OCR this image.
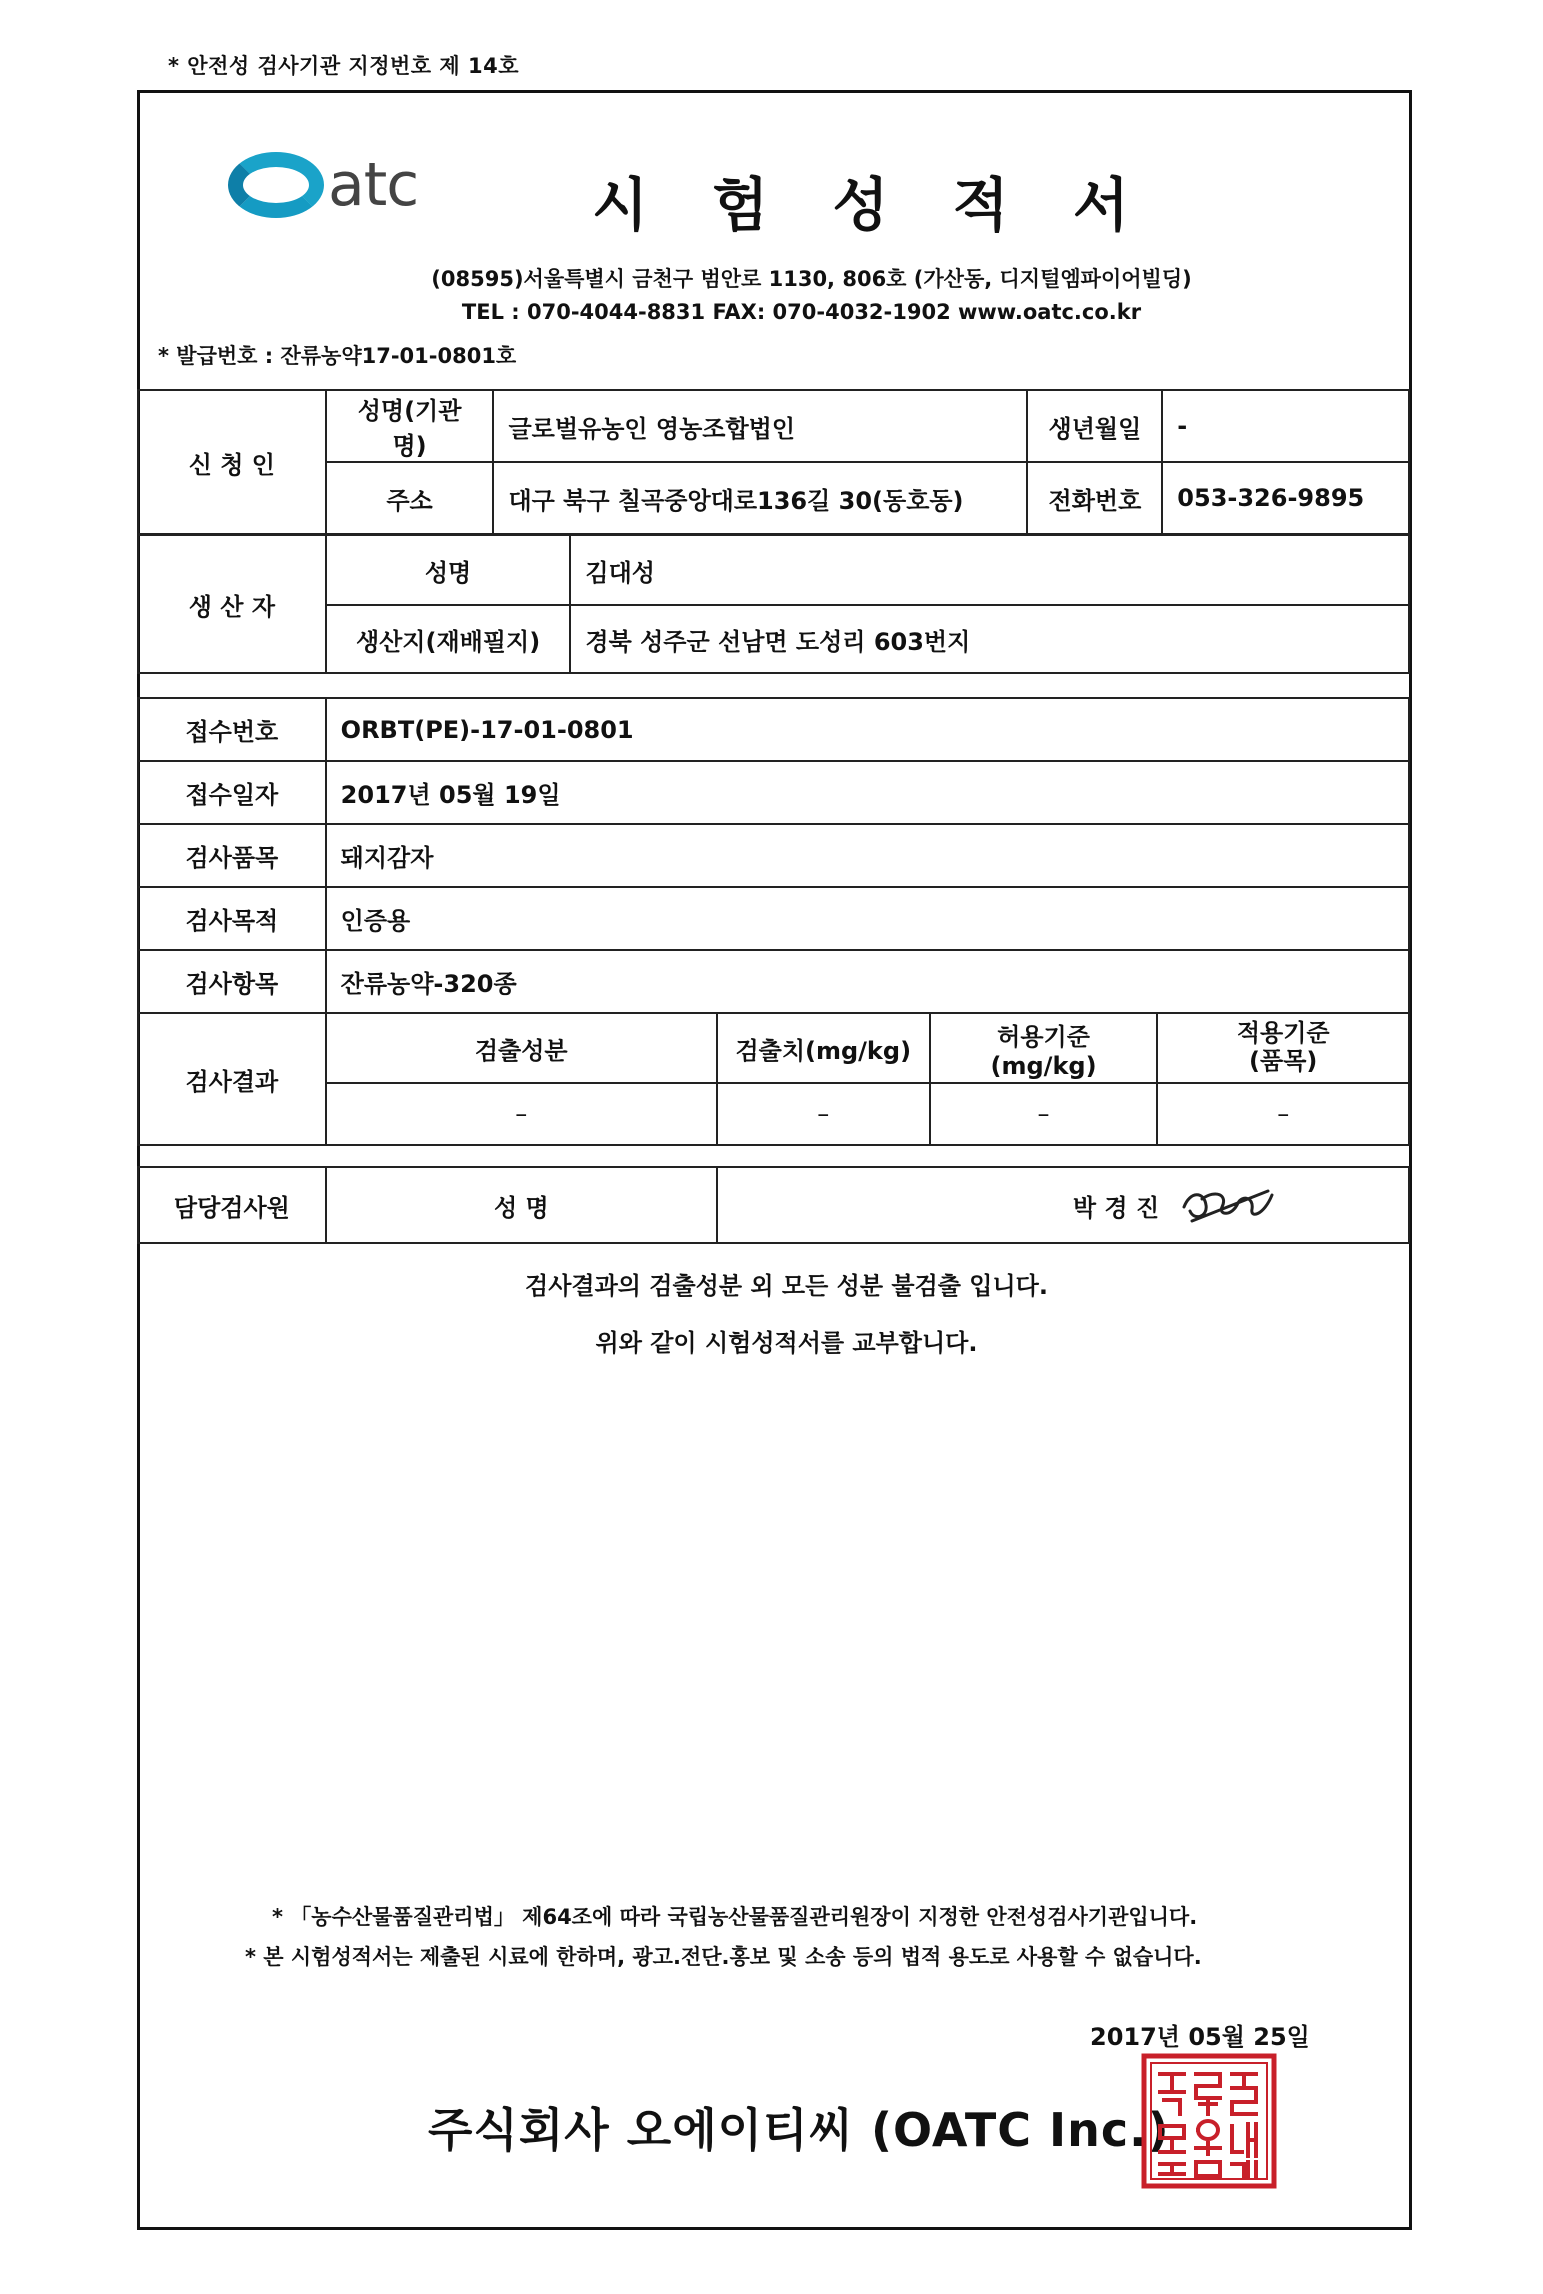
* 안전성 검사기관 지정번호 제 14호
atc	시 험 성 적 서
(08595)서울특별시 금천구 범안로 1130, 806호 (가산동, 디지털엠파이어빌딩)
TEL : 070-4044-8831 FAX: 070-4032-1902 www.oatc.co.kr
* 발급번호 : 잔류농약17-01-0801호
신 청 인	성명(기관명)	글로벌유농인 영농조합법인	생년월일	-
	주소	대구 북구 칠곡중앙대로136길 30(동호동)	전화번호	053-326-9895
생 산 자	성명	김대성
	생산지(재배필지)	경북 성주군 선남면 도성리 603번지
접수번호	ORBT(PE)-17-01-0801			
접수일자	2017년 05월 19일			
검사품목	돼지감자			
검사목적	인증용			
검사항목	잔류농약-320종			
검사결과	검출성분	검출치(mg/kg)	허용기준(mg/kg)	적용기준
(품목)
	–	–	–	–
담당검사원	성 명	박 경 진
검사결과의 검출성분 외 모든 성분 불검출 입니다.
위와 같이 시험성적서를 교부합니다.
* 「농수산물품질관리법」 제64조에 따라 국립농산물품질관리원장이 지정한 안전성검사기관입니다.
* 본 시험성적서는 제출된 시료에 한하며, 광고.전단.홍보 및 소송 등의 법적 용도로 사용할 수 없습니다.
2017년 05월 25일
주식회사 오에이티씨 (OATC Inc.)
